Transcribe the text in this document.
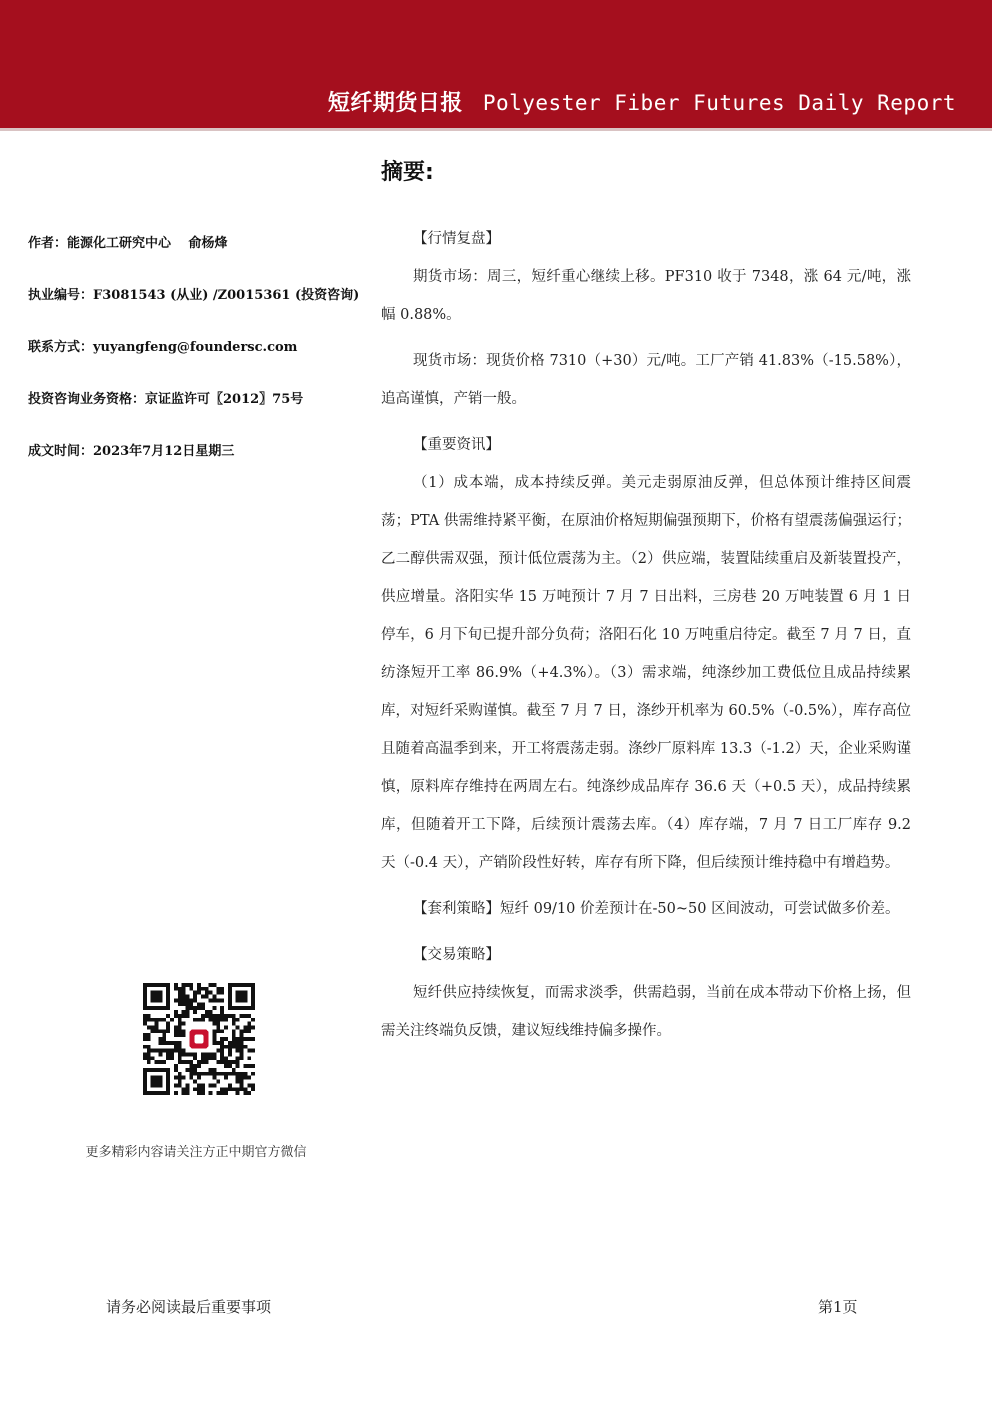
短纤期货日报 Polyester Fiber Futures Daily Report
摘要:
作者：能源化工研究中心　 俞杨烽
执业编号：F3081543 (从业) /Z0015361 (投资咨询)
联系方式：yuyangfeng@foundersc.com
投资咨询业务资格：京证监许可〖2012〗75号
成文时间：2023年7月12日星期三

【行情复盘】

期货市场：周三，短纤重心继续上移。PF310 收于 7348，涨 64 元/吨，涨幅 0.88%。

现货市场：现货价格 7310（+30）元/吨。工厂产销 41.83%（-15.58%），追高谨慎，产销一般。

【重要资讯】

（1）成本端，成本持续反弹。美元走弱原油反弹，但总体预计维持区间震荡；PTA 供需维持紧平衡，在原油价格短期偏强预期下，价格有望震荡偏强运行；乙二醇供需双强，预计低位震荡为主。（2）供应端，装置陆续重启及新装置投产，供应增量。洛阳实华 15 万吨预计 7 月 7 日出料，三房巷 20 万吨装置 6 月 1 日停车，6 月下旬已提升部分负荷；洛阳石化 10 万吨重启待定。截至 7 月 7 日，直纺涤短开工率 86.9%（+4.3%）。（3）需求端，纯涤纱加工费低位且成品持续累库，对短纤采购谨慎。截至 7 月 7 日，涤纱开机率为 60.5%（-0.5%），库存高位且随着高温季到来，开工将震荡走弱。涤纱厂原料库 13.3（-1.2）天，企业采购谨慎，原料库存维持在两周左右。纯涤纱成品库存 36.6 天（+0.5 天），成品持续累库，但随着开工下降，后续预计震荡去库。（4）库存端，7 月 7 日工厂库存 9.2 天（-0.4 天），产销阶段性好转，库存有所下降，但后续预计维持稳中有增趋势。

【套利策略】短纤 09/10 价差预计在-50~50 区间波动，可尝试做多价差。

【交易策略】

短纤供应持续恢复，而需求淡季，供需趋弱，当前在成本带动下价格上扬，但需关注终端负反馈，建议短线维持偏多操作。

更多精彩内容请关注方正中期官方微信
请务必阅读最后重要事项	第1页
